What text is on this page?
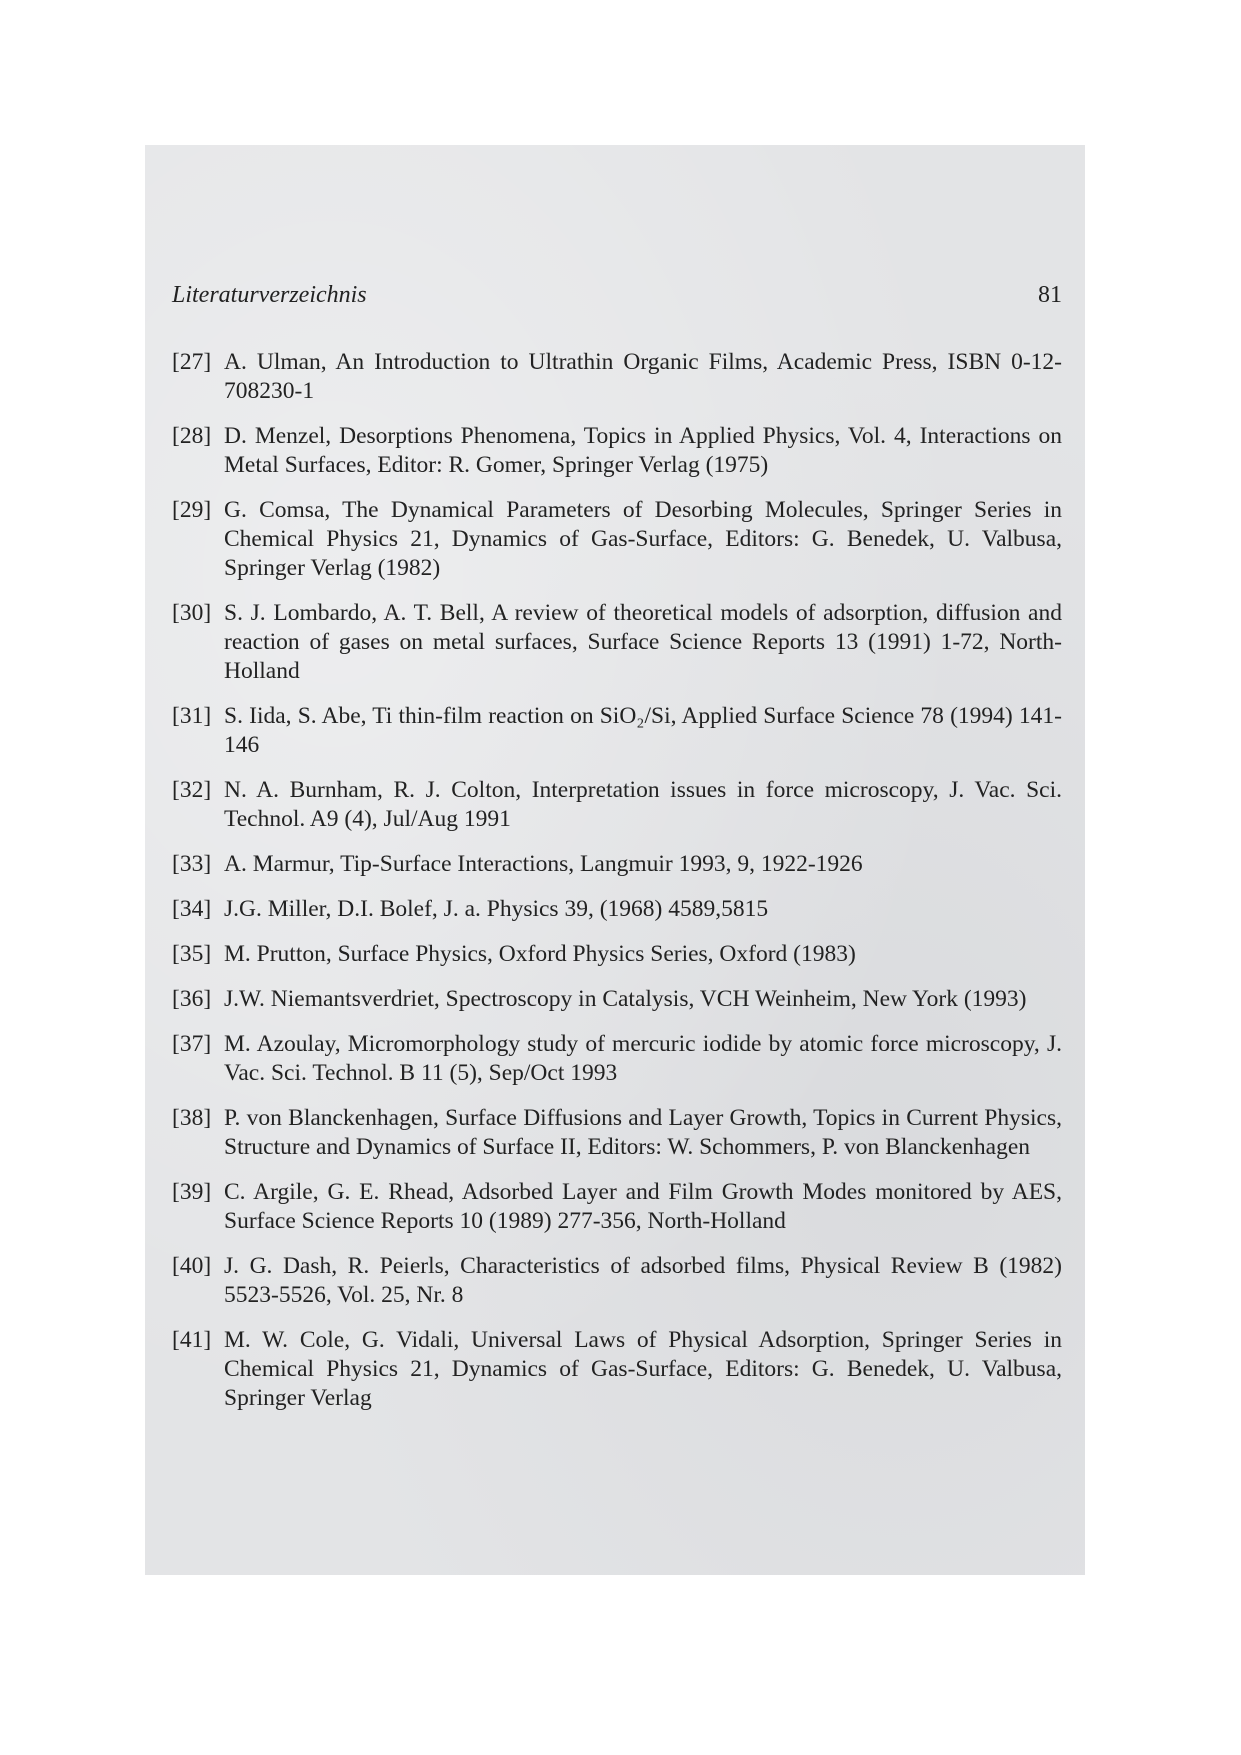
Literaturverzeichnis	81
[27] A. Ulman, An Introduction to Ultrathin Organic Films, Academic Press, ISBN 0-12-708230-1
[28] D. Menzel, Desorptions Phenomena, Topics in Applied Physics, Vol. 4, Interactions on Metal Surfaces, Editor: R. Gomer, Springer Verlag (1975)
[29] G. Comsa, The Dynamical Parameters of Desorbing Molecules, Springer Series in Chemical Physics 21, Dynamics of Gas-Surface, Editors: G. Benedek, U. Valbusa, Springer Verlag (1982)
[30] S. J. Lombardo, A. T. Bell, A review of theoretical models of adsorption, diffusion and reaction of gases on metal surfaces, Surface Science Reports 13 (1991) 1-72, North-Holland
[31] S. Iida, S. Abe, Ti thin-film reaction on SiO₂/Si, Applied Surface Science 78 (1994) 141-146
[32] N. A. Burnham, R. J. Colton, Interpretation issues in force microscopy, J. Vac. Sci. Technol. A9 (4), Jul/Aug 1991
[33] A. Marmur, Tip-Surface Interactions, Langmuir 1993, 9, 1922-1926
[34] J.G. Miller, D.I. Bolef, J. a. Physics 39, (1968) 4589,5815
[35] M. Prutton, Surface Physics, Oxford Physics Series, Oxford (1983)
[36] J.W. Niemantsverdriet, Spectroscopy in Catalysis, VCH Weinheim, New York (1993)
[37] M. Azoulay, Micromorphology study of mercuric iodide by atomic force microscopy, J. Vac. Sci. Technol. B 11 (5), Sep/Oct 1993
[38] P. von Blanckenhagen, Surface Diffusions and Layer Growth, Topics in Current Physics, Structure and Dynamics of Surface II, Editors: W. Schommers, P. von Blanckenhagen
[39] C. Argile, G. E. Rhead, Adsorbed Layer and Film Growth Modes monitored by AES, Surface Science Reports 10 (1989) 277-356, North-Holland
[40] J. G. Dash, R. Peierls, Characteristics of adsorbed films, Physical Review B (1982) 5523-5526, Vol. 25, Nr. 8
[41] M. W. Cole, G. Vidali, Universal Laws of Physical Adsorption, Springer Series in Chemical Physics 21, Dynamics of Gas-Surface, Editors: G. Benedek, U. Valbusa, Springer Verlag
